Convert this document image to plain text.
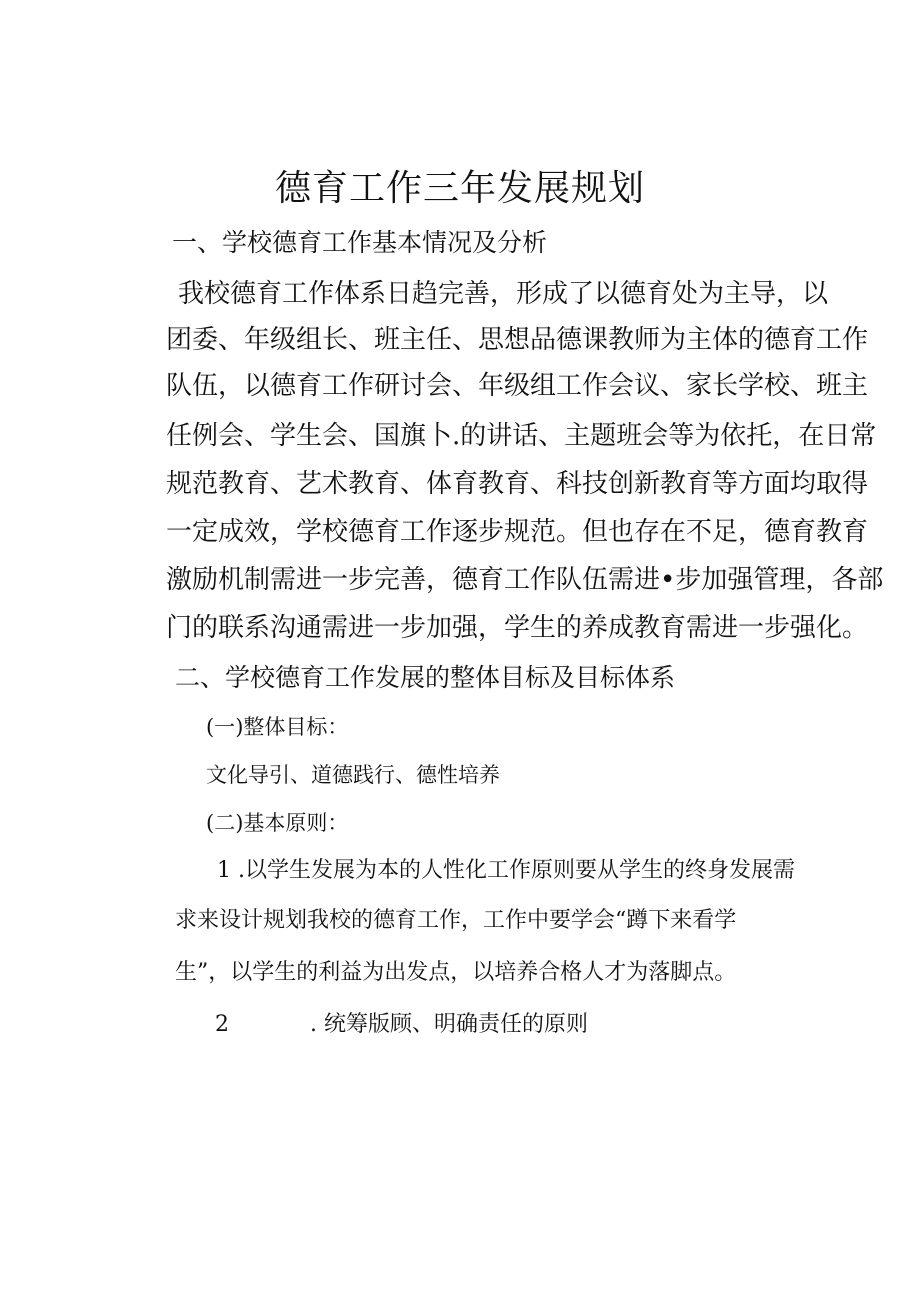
德育工作三年发展规划
一、学校德育工作基本情况及分析
我校德育工作体系日趋完善，形成了以德育处为主导，以
团委、年级组长、班主任、思想品德课教师为主体的德育工作
队伍，以德育工作研讨会、年级组工作会议、家长学校、班主
任例会、学生会、国旗卜.的讲话、主题班会等为依托，在日常
规范教育、艺术教育、体育教育、科技创新教育等方面均取得
一定成效，学校德育工作逐步规范。但也存在不足，德育教育
激励机制需进一步完善，德育工作队伍需进•步加强管理，各部
门的联系沟通需进一步加强，学生的养成教育需进一步强化。
二、学校德育工作发展的整体目标及目标体系
(一)整体目标：
文化导引、道德践行、德性培养
(二)基本原则：
1 .以学生发展为本的人性化工作原则要从学生的终身发展需
求来设计规划我校的德育工作，工作中要学会“蹲下来看学
生”，以学生的利益为出发点，以培养合格人才为落脚点。
2	. 统筹版顾、明确责任的原则
